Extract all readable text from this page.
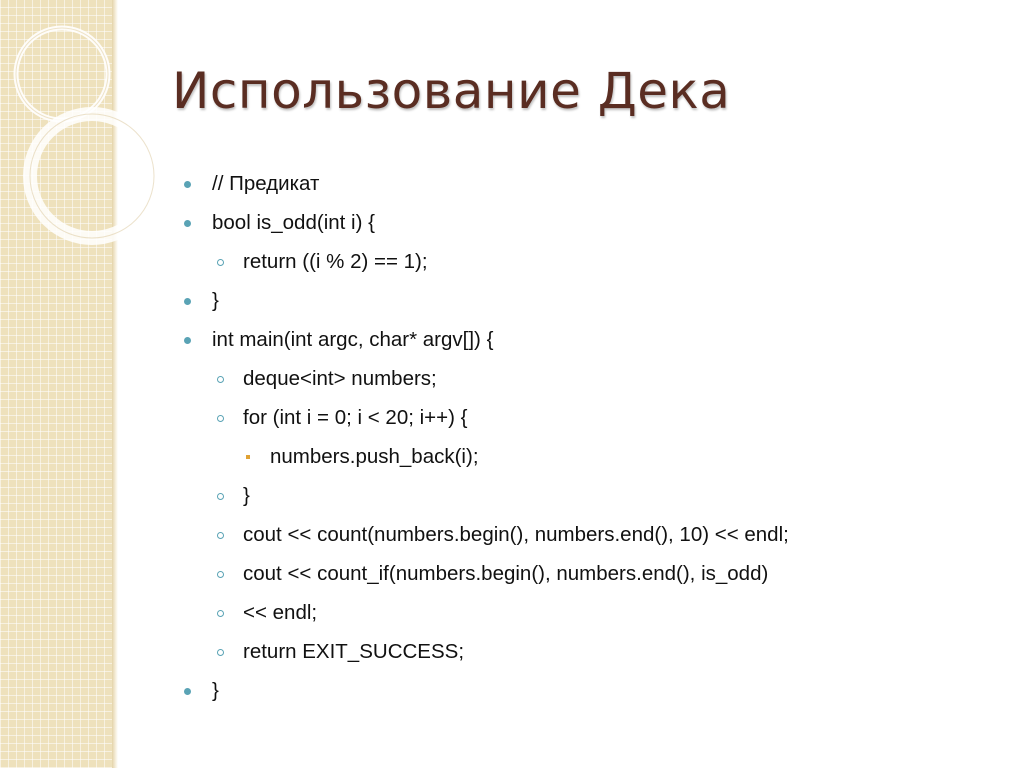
Использование Дека
// Предикат
bool is_odd(int i) {
return ((i % 2) == 1);
}
int main(int argc, char* argv[]) {
deque<int> numbers;
for (int i = 0; i < 20; i++) {
numbers.push_back(i);
}
cout << count(numbers.begin(), numbers.end(), 10) << endl;
cout << count_if(numbers.begin(), numbers.end(), is_odd)
<< endl;
return EXIT_SUCCESS;
}
